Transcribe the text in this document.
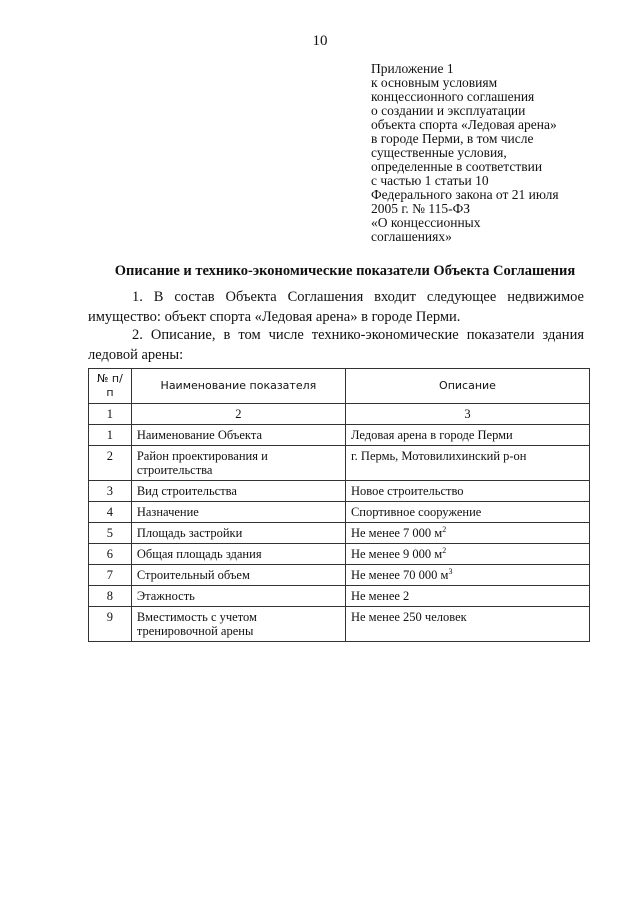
10
Приложение 1
к основным условиям
концессионного соглашения
о создании и эксплуатации
объекта спорта «Ледовая арена»
в городе Перми, в том числе
существенные условия,
определенные в соответствии
с частью 1 статьи 10
Федерального закона от 21 июля
2005 г. № 115-ФЗ
«О концессионных
соглашениях»
Описание и технико-экономические показатели Объекта Соглашения
1. В состав Объекта Соглашения входит следующее недвижимое имущество: объект спорта «Ледовая арена» в городе Перми.
2. Описание, в том числе технико-экономические показатели здания ледовой арены:
№ п/п	Наименование показателя	Описание
1	2	3
1	Наименование Объекта	Ледовая арена в городе Перми
2	Район проектирования и строительства	г. Пермь, Мотовилихинский р-он
3	Вид строительства	Новое строительство
4	Назначение	Спортивное сооружение
5	Площадь застройки	Не менее 7 000 $м^2$
6	Общая площадь здания	Не менее 9 000 $м^2$
7	Строительный объем	Не менее 70 000 $м^3$
8	Этажность	Не менее 2
9	Вместимость с учетом тренировочной арены	Не менее 250 человек
